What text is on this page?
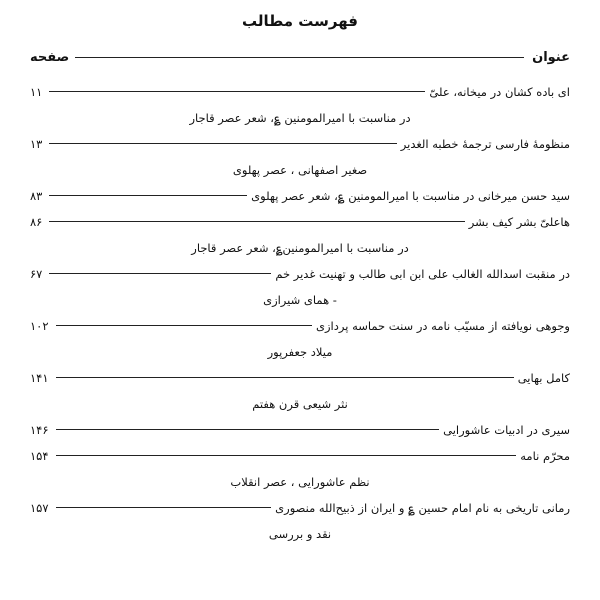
فهرست مطالب
عنوان
صفحه
ای باده کشان در میخانه، علیّ
۱۱
در مناسبت با امیرالمومنین ؏، شعر عصر قاجار
منظومهٔ فارسی ترجمهٔ خطبه الغدیر
۱۳
صغیر اصفهانی ، عصر پهلوی
سید حسن میرخانی در مناسبت با امیرالمومنین ؏، شعر عصر پهلوی
۸۳
هاعلیّ بشر کیف بشر
۸۶
در مناسبت با امیرالمومنین؏، شعر عصر قاجار
در منقبت اسدالله الغالب علی ابن ابی طالب و تهنیت غدیر خم
۶۷
- همای شیرازی
وجوهی نویافته از مسیّب نامه در سنت حماسه پردازی
۱۰۲
میلاد جعفرپور
کامل بهایی
۱۴۱
نثر شیعی قرن هفتم
سیری در ادبیات عاشورایی
۱۴۶
محرّم نامه
۱۵۴
نظم عاشورایی ، عصر انقلاب
رمانی تاریخی به نام امام حسین ؏ و ایران از ذبیح‌الله منصوری
۱۵۷
نقد و بررسی
